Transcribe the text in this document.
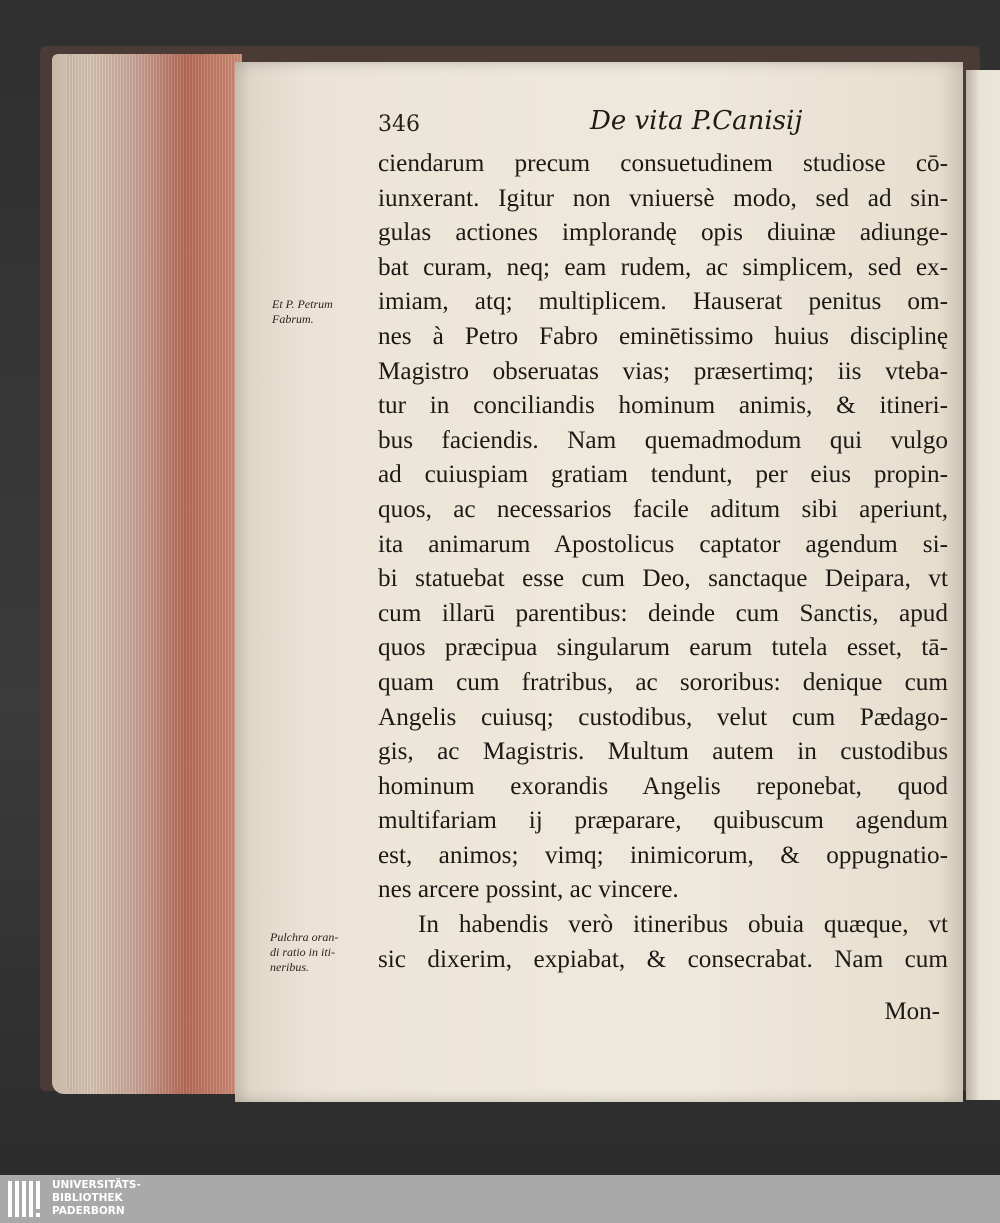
346	De vita P.Canisij
ciendarum precum consuetudinem studiose cō-
iunxerant. Igitur non vniuersè modo, sed ad sin-
gulas actiones implorandę opis diuinæ adiunge-
bat curam, neq; eam rudem, ac simplicem, sed ex-
imiam, atq; multiplicem. Hauserat penitus om-
nes à Petro Fabro eminētissimo huius disciplinę
Magistro obseruatas vias; præsertimq; iis vteba-
tur in conciliandis hominum animis, & itineri-
bus faciendis. Nam quemadmodum qui vulgo
ad cuiuspiam gratiam tendunt, per eius propin-
quos, ac necessarios facile aditum sibi aperiunt,
ita animarum Apostolicus captator agendum si-
bi statuebat esse cum Deo, sanctaque Deipara, vt
cum illarū parentibus: deinde cum Sanctis, apud
quos præcipua singularum earum tutela esset, tā-
quam cum fratribus, ac sororibus: denique cum
Angelis cuiusq; custodibus, velut cum Pædago-
gis, ac Magistris. Multum autem in custodibus
hominum exorandis Angelis reponebat, quod
multifariam ij præparare, quibuscum agendum
est, animos; vimq; inimicorum, & oppugnatio-
nes arcere possint, ac vincere.
In habendis verò itineribus obuia quæque, vt
sic dixerim, expiabat, & consecrabat. Nam cum
Mon-
Et P. Petrum
Fabrum.
Pulchra oran-
di ratio in iti-
neribus.
UNIVERSITÄTS-
BIBLIOTHEK
PADERBORN
